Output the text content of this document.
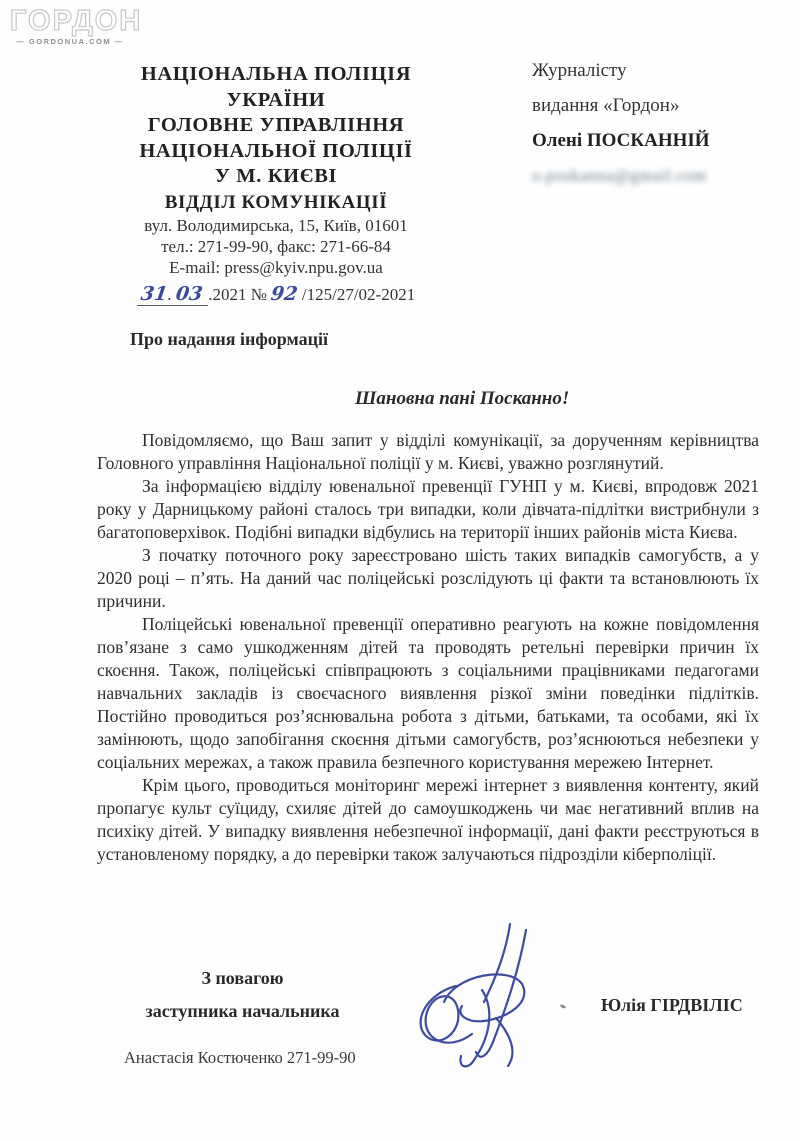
ГОРДОН
— GORDONUA.COM —
Журналісту
видання «Гордон»
Олені ПОСКАННІЙ
o.poskanna@gmail.com
НАЦІОНАЛЬНА ПОЛІЦІЯ
УКРАЇНИ
ГОЛОВНЕ УПРАВЛІННЯ
НАЦІОНАЛЬНОЇ ПОЛІЦІЇ
У М. КИЄВІ
ВІДДІЛ КОМУНІКАЦІЇ
вул. Володимирська, 15, Київ, 01601
тел.: 271-99-90, факс: 271-66-84
E-mail: press@kyiv.npu.gov.ua
31. 03 .2021 № 92 /125/27/02-2021
Про надання інформації
Шановна пані Посканно!

Повідомляємо, що Ваш запит у відділі комунікації, за дорученням керівництва Головного управління Національної поліції у м. Києві, уважно розглянутий.

За інформацією відділу ювенальної превенції ГУНП у м. Києві, впродовж 2021 року у Дарницькому районі сталось три випадки, коли дівчата-підлітки вистрибнули з багатоповерхівок. Подібні випадки відбулись на території інших районів міста Києва.

З початку поточного року зареєстровано шість таких випадків самогубств, а у 2020 році – п’ять. На даний час поліцейські розслідують ці факти та встановлюють їх причини.

Поліцейські ювенальної превенції оперативно реагують на кожне повідомлення пов’язане з само ушкодженням дітей та проводять ретельні перевірки причин їх скоєння. Також, поліцейські співпрацюють з соціальними працівниками педагогами навчальних закладів із своєчасного виявлення різкої зміни поведінки підлітків. Постійно проводиться роз’яснювальна робота з дітьми, батьками, та особами, які їх замінюють, щодо запобігання скоєння дітьми самогубств, роз’яснюються небезпеки у соціальних мережах, а також правила безпечного користування мережею Інтернет.

Крім цього, проводиться моніторинг мережі інтернет з виявлення контенту, який пропагує культ суїциду, схиляє дітей до самоушкоджень чи має негативний вплив на психіку дітей. У випадку виявлення небезпечної інформації, дані факти реєструються в установленому порядку, а до перевірки також залучаються підрозділи кіберполіції.

З повагою
заступника начальника	Юлія ГІРДВІЛІС
Анастасія Костюченко 271-99-90
